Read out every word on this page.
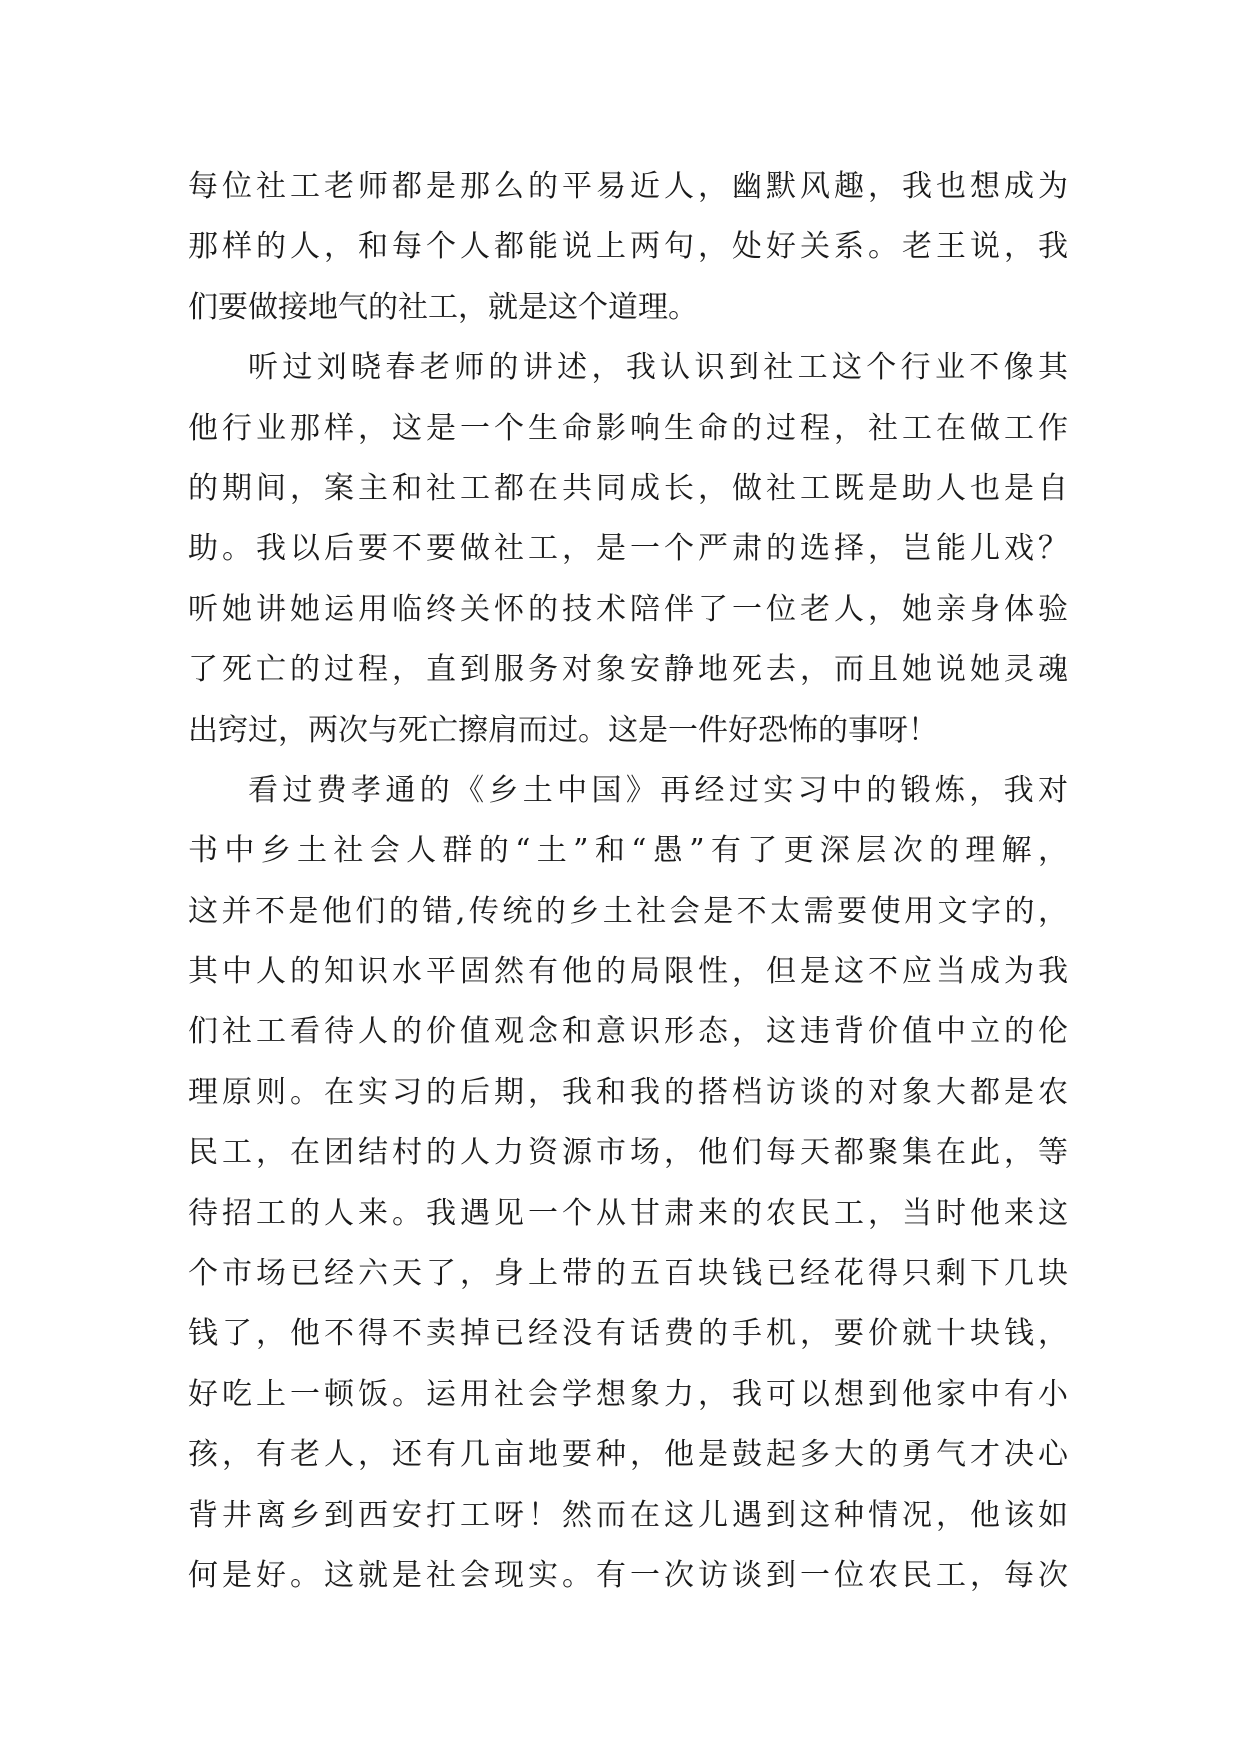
每位社工老师都是那么的平易近人，幽默风趣，我也想成为
那样的人，和每个人都能说上两句，处好关系。老王说，我
们要做接地气的社工，就是这个道理。
听过刘晓春老师的讲述，我认识到社工这个行业不像其
他行业那样，这是一个生命影响生命的过程，社工在做工作
的期间，案主和社工都在共同成长，做社工既是助人也是自
助。我以后要不要做社工，是一个严肃的选择，岂能儿戏？
听她讲她运用临终关怀的技术陪伴了一位老人，她亲身体验
了死亡的过程，直到服务对象安静地死去，而且她说她灵魂
出窍过，两次与死亡擦肩而过。这是一件好恐怖的事呀！
看过费孝通的《乡土中国》再经过实习中的锻炼，我对
书中乡土社会人群的“土”和“愚”有了更深层次的理解，
这并不是他们的错,传统的乡土社会是不太需要使用文字的，
其中人的知识水平固然有他的局限性，但是这不应当成为我
们社工看待人的价值观念和意识形态，这违背价值中立的伦
理原则。在实习的后期，我和我的搭档访谈的对象大都是农
民工，在团结村的人力资源市场，他们每天都聚集在此，等
待招工的人来。我遇见一个从甘肃来的农民工，当时他来这
个市场已经六天了，身上带的五百块钱已经花得只剩下几块
钱了，他不得不卖掉已经没有话费的手机，要价就十块钱，
好吃上一顿饭。运用社会学想象力，我可以想到他家中有小
孩，有老人，还有几亩地要种，他是鼓起多大的勇气才决心
背井离乡到西安打工呀！然而在这儿遇到这种情况，他该如
何是好。这就是社会现实。有一次访谈到一位农民工，每次
